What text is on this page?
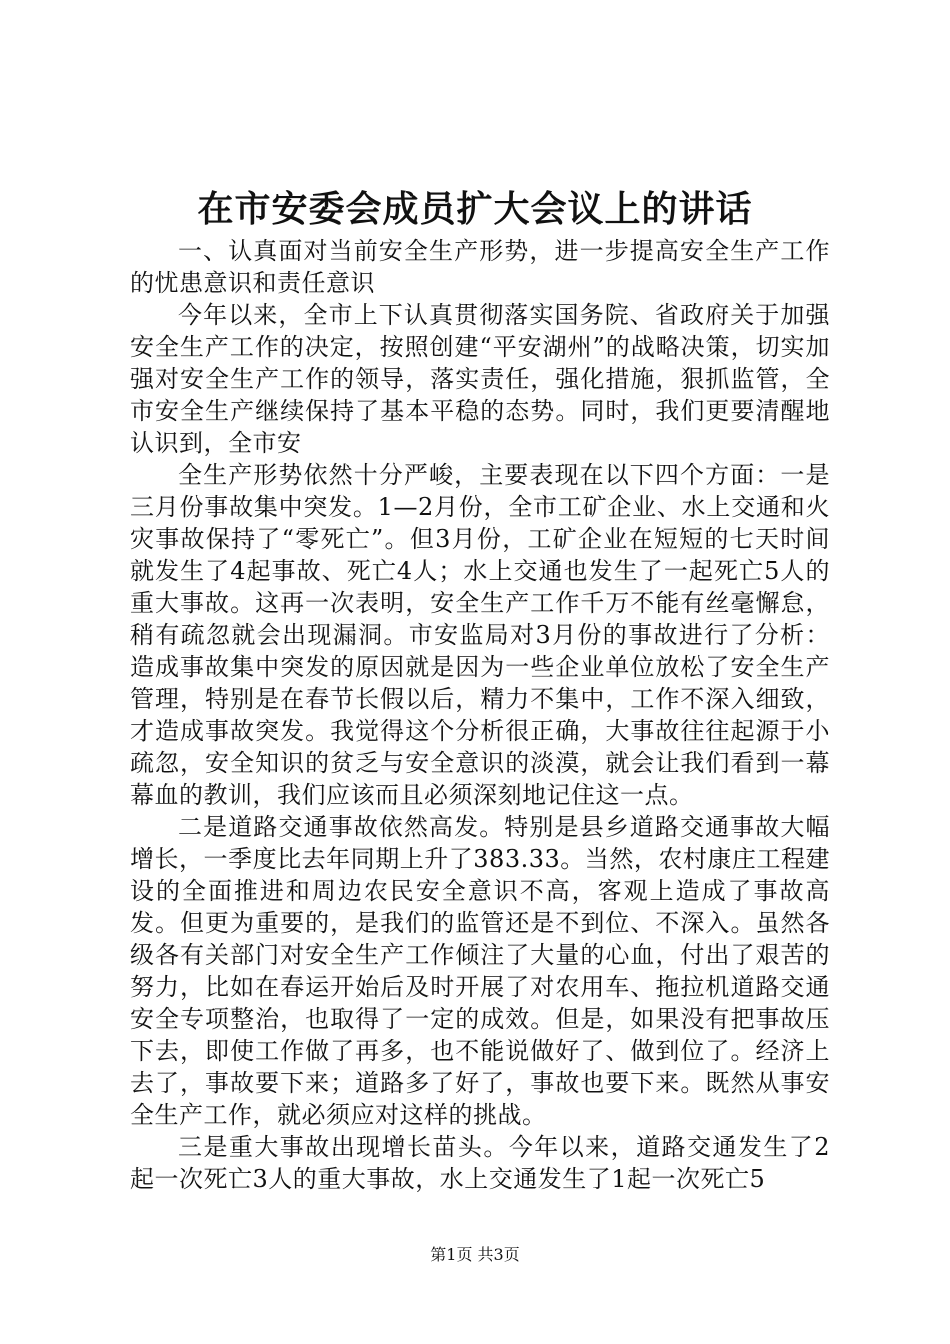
在市安委会成员扩大会议上的讲话

一、认真面对当前安全生产形势，进一步提高安全生产工作的忧患意识和责任意识

今年以来，全市上下认真贯彻落实国务院、省政府关于加强安全生产工作的决定，按照创建“平安湖州”的战略决策，切实加强对安全生产工作的领导，落实责任，强化措施，狠抓监管，全市安全生产继续保持了基本平稳的态势。同时，我们更要清醒地认识到，全市安

全生产形势依然十分严峻，主要表现在以下四个方面：一是三月份事故集中突发。1—2月份，全市工矿企业、水上交通和火灾事故保持了“零死亡”。但3月份，工矿企业在短短的七天时间就发生了4起事故、死亡4人；水上交通也发生了一起死亡5人的重大事故。这再一次表明，安全生产工作千万不能有丝毫懈怠，稍有疏忽就会出现漏洞。市安监局对3月份的事故进行了分析：造成事故集中突发的原因就是因为一些企业单位放松了安全生产管理，特别是在春节长假以后，精力不集中，工作不深入细致，才造成事故突发。我觉得这个分析很正确，大事故往往起源于小疏忽，安全知识的贫乏与安全意识的淡漠，就会让我们看到一幕幕血的教训，我们应该而且必须深刻地记住这一点。

二是道路交通事故依然高发。特别是县乡道路交通事故大幅增长，一季度比去年同期上升了383.33。当然，农村康庄工程建设的全面推进和周边农民安全意识不高，客观上造成了事故高发。但更为重要的，是我们的监管还是不到位、不深入。虽然各级各有关部门对安全生产工作倾注了大量的心血，付出了艰苦的努力，比如在春运开始后及时开展了对农用车、拖拉机道路交通安全专项整治，也取得了一定的成效。但是，如果没有把事故压下去，即使工作做了再多，也不能说做好了、做到位了。经济上去了，事故要下来；道路多了好了，事故也要下来。既然从事安全生产工作，就必须应对这样的挑战。

三是重大事故出现增长苗头。今年以来，道路交通发生了2起一次死亡3人的重大事故，水上交通发生了1起一次死亡5

第1页 共3页
